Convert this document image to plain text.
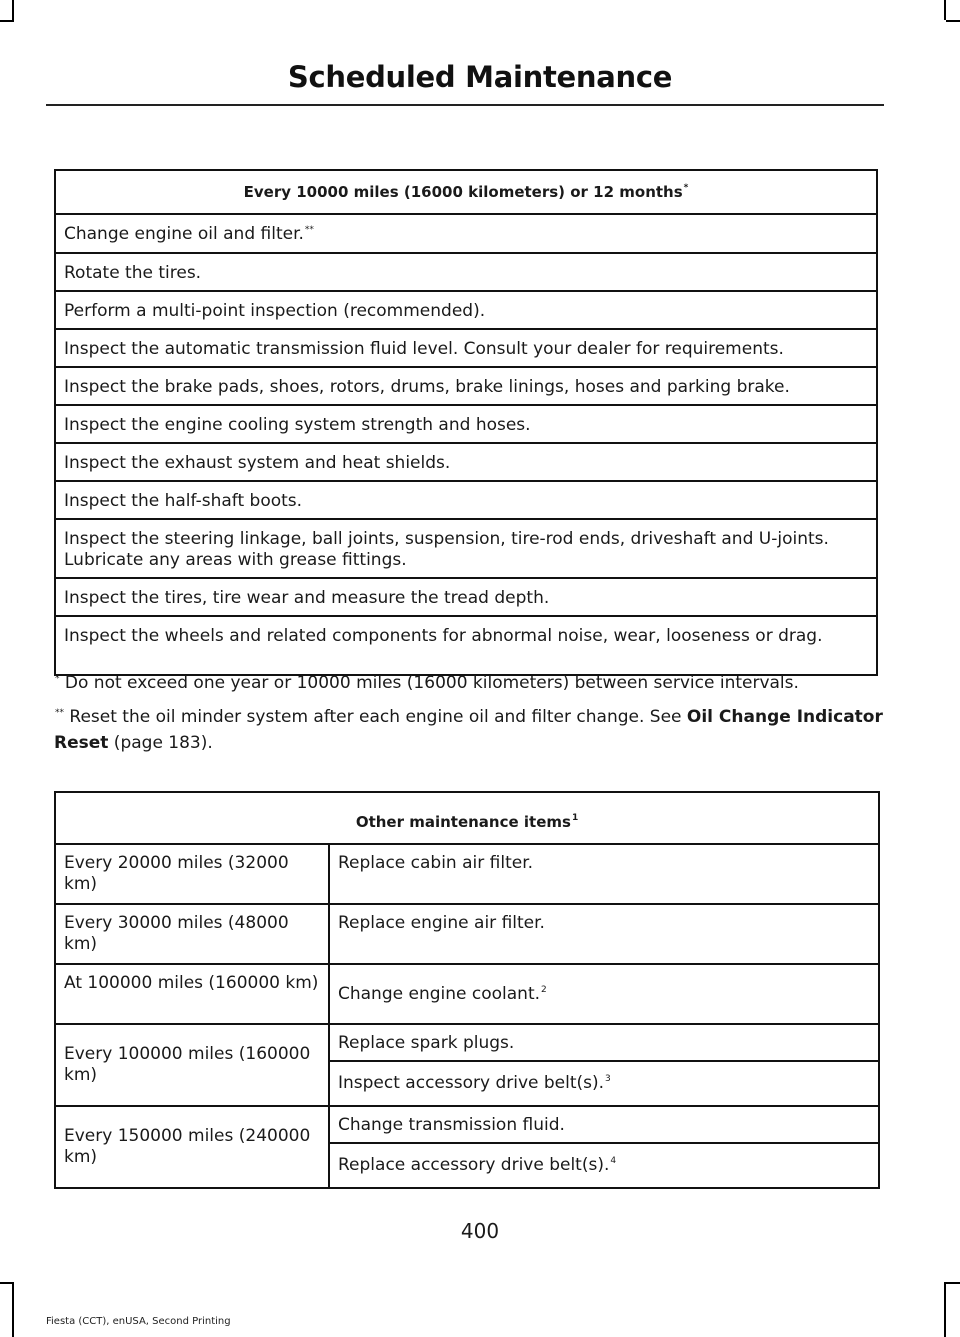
Scheduled Maintenance
Every 10000 miles (16000 kilometers) or 12 months*
Change engine oil and filter.**
Rotate the tires.
Perform a multi-point inspection (recommended).
Inspect the automatic transmission fluid level. Consult your dealer for requirements.
Inspect the brake pads, shoes, rotors, drums, brake linings, hoses and parking brake.
Inspect the engine cooling system strength and hoses.
Inspect the exhaust system and heat shields.
Inspect the half-shaft boots.
Inspect the steering linkage, ball joints, suspension, tire-rod ends, driveshaft and U-joints. Lubricate any areas with grease fittings.
Inspect the tires, tire wear and measure the tread depth.
Inspect the wheels and related components for abnormal noise, wear, looseness or drag.

* Do not exceed one year or 10000 miles (16000 kilometers) between service intervals.

** Reset the oil minder system after each engine oil and filter change. See Oil Change Indicator Reset (page 183).

Other maintenance items$^1$
Every 20000 miles (32000 km)	Replace cabin air filter.
Every 30000 miles (48000 km)	Replace engine air filter.
At 100000 miles (160000 km)	Change engine coolant.$^2$
Every 100000 miles (160000 km)	Replace spark plugs.
	Inspect accessory drive belt(s).$^3$
Every 150000 miles (240000 km)	Change transmission fluid.
	Replace accessory drive belt(s).$^4$
400
Fiesta (CCT), enUSA, Second Printing
